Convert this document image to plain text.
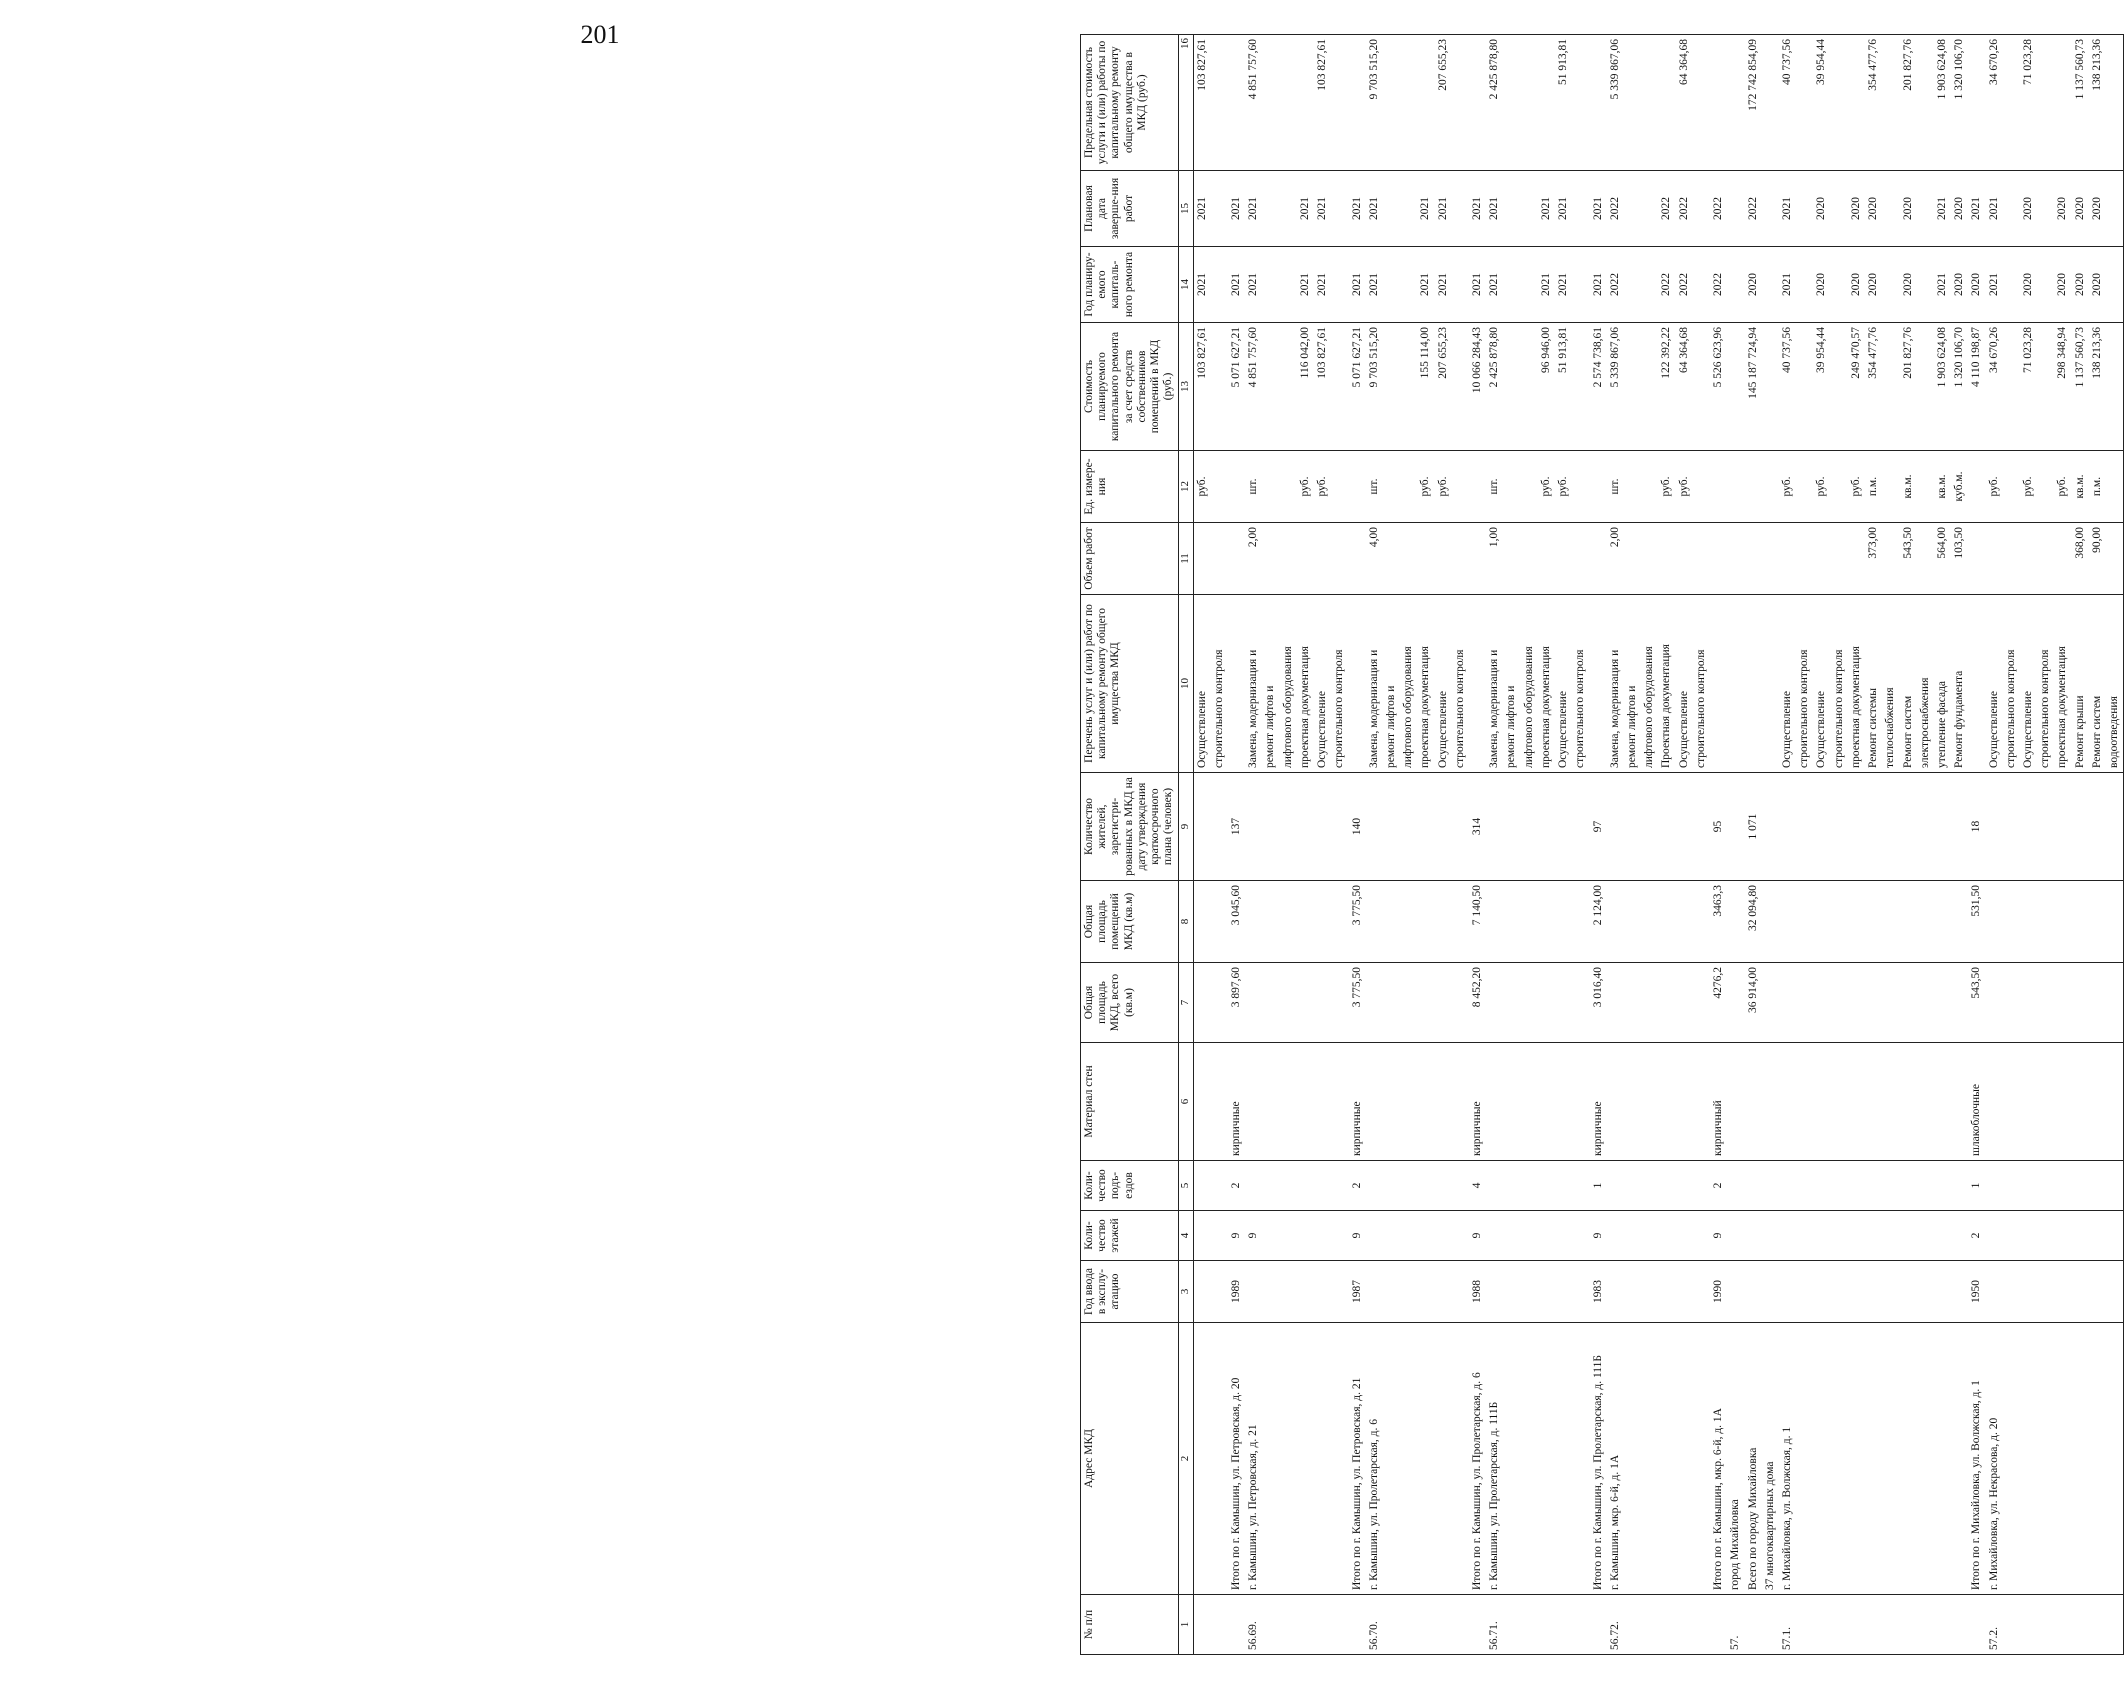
201
№ п/п	Адрес МКД	Год ввода в эксплу-атацию	Коли-чество этажей	Коли-чество подъ-ездов	Материал стен	Общая площадь МКД, всего (кв.м)	Общая площадь помещений МКД (кв.м)	Количество жителей, зарегистри-рованных в МКД на дату утверждения краткосрочного плана (человек)	Перечень услуг и (или) работ по капитальному ремонту общего имущества МКД	Объем работ	Ед. измере-ния	Стоимость планируемого капитального ремонта за счет средств собственников помещений в МКД (руб.)	Год планиру-емого капиталь-ного ремонта	Плановая дата заверше-ния работ	Предельная стоимость услуги и (или) работы по капитальному ремонту общего имущества в МКД (руб.)
1	2	3	4	5	6	7	8	9	10	11	12	13	14	15	16
									Осуществление		руб.	103 827,61	2021	2021	103 827,61
									строительного контроля						
	Итого по г. Камышин, ул. Петровская, д. 20	1989	9	2	кирпичные	3 897,60	3 045,60	137				5 071 627,21	2021	2021	
56.69.	г. Камышин, ул. Петровская, д. 21		9						Замена, модернизация и	2,00	шт.	4 851 757,60	2021	2021	4 851 757,60
									ремонт лифтов и						
									лифтового оборудования						
									проектная документация		руб.	116 042,00	2021	2021	
									Осуществление		руб.	103 827,61	2021	2021	103 827,61
									строительного контроля						
	Итого по г. Камышин, ул. Петровская, д. 21	1987	9	2	кирпичные	3 775,50	3 775,50	140				5 071 627,21	2021	2021	
56.70.	г. Камышин, ул. Пролетарская, д. 6								Замена, модернизация и	4,00	шт.	9 703 515,20	2021	2021	9 703 515,20
									ремонт лифтов и						
									лифтового оборудования						
									проектная документация		руб.	155 114,00	2021	2021	
									Осуществление		руб.	207 655,23	2021	2021	207 655,23
									строительного контроля						
	Итого по г. Камышин, ул. Пролетарская, д. 6	1988	9	4	кирпичные	8 452,20	7 140,50	314				10 066 284,43	2021	2021	
56.71.	г. Камышин, ул. Пролетарская, д. 111Б								Замена, модернизация и	1,00	шт.	2 425 878,80	2021	2021	2 425 878,80
									ремонт лифтов и						
									лифтового оборудования						
									проектная документация		руб.	96 946,00	2021	2021	
									Осуществление		руб.	51 913,81	2021	2021	51 913,81
									строительного контроля						
	Итого по г. Камышин, ул. Пролетарская, д. 111Б	1983	9	1	кирпичные	3 016,40	2 124,00	97				2 574 738,61	2021	2021	
56.72.	г. Камышин, мкр. 6-й, д. 1А								Замена, модернизация и	2,00	шт.	5 339 867,06	2022	2022	5 339 867,06
									ремонт лифтов и						
									лифтового оборудования						
									Проектная документация		руб.	122 392,22	2022	2022	
									Осуществление		руб.	64 364,68	2022	2022	64 364,68
									строительного контроля						
	Итого по г. Камышин, мкр. 6-й, д. 1А	1990	9	2	кирпичный	4276,2	3463,3	95				5 526 623,96	2022	2022	
57.	город Михайловка														
	Всего по городу Михайловка					36 914,00	32 094,80	1 071				145 187 724,94	2020	2022	172 742 854,09
	37 многоквартирных дома														
57.1.	г. Михайловка, ул. Волжская, д. 1								Осуществление		руб.	40 737,56	2021	2021	40 737,56
									строительного контроля						
									Осуществление		руб.	39 954,44	2020	2020	39 954,44
									строительного контроля						
									проектная документация		руб.	249 470,57	2020	2020	
									Ремонт системы	373,00	п.м.	354 477,76	2020	2020	354 477,76
									теплоснабжения						
									Ремонт систем	543,50	кв.м.	201 827,76	2020	2020	201 827,76
									электроснабжения						
									утепление фасада	564,00	кв.м.	1 903 624,08	2021	2021	1 903 624,08
									Ремонт фундамента	103,50	куб.м.	1 320 106,70	2020	2020	1 320 106,70
	Итого по г. Михайловка, ул. Волжская, д. 1	1950	2	1	шлакоблочные	543,50	531,50	18				4 110 198,87	2020	2021	
57.2.	г. Михайловка, ул. Некрасова, д. 20								Осуществление		руб.	34 670,26	2021	2021	34 670,26
									строительного контроля						
									Осуществление		руб.	71 023,28	2020	2020	71 023,28
									строительного контроля						
									проектная документация		руб.	298 348,94	2020	2020	
									Ремонт крыши	368,00	кв.м.	1 137 560,73	2020	2020	1 137 560,73
									Ремонт систем	90,00	п.м.	138 213,36	2020	2020	138 213,36
									водоотведения						
